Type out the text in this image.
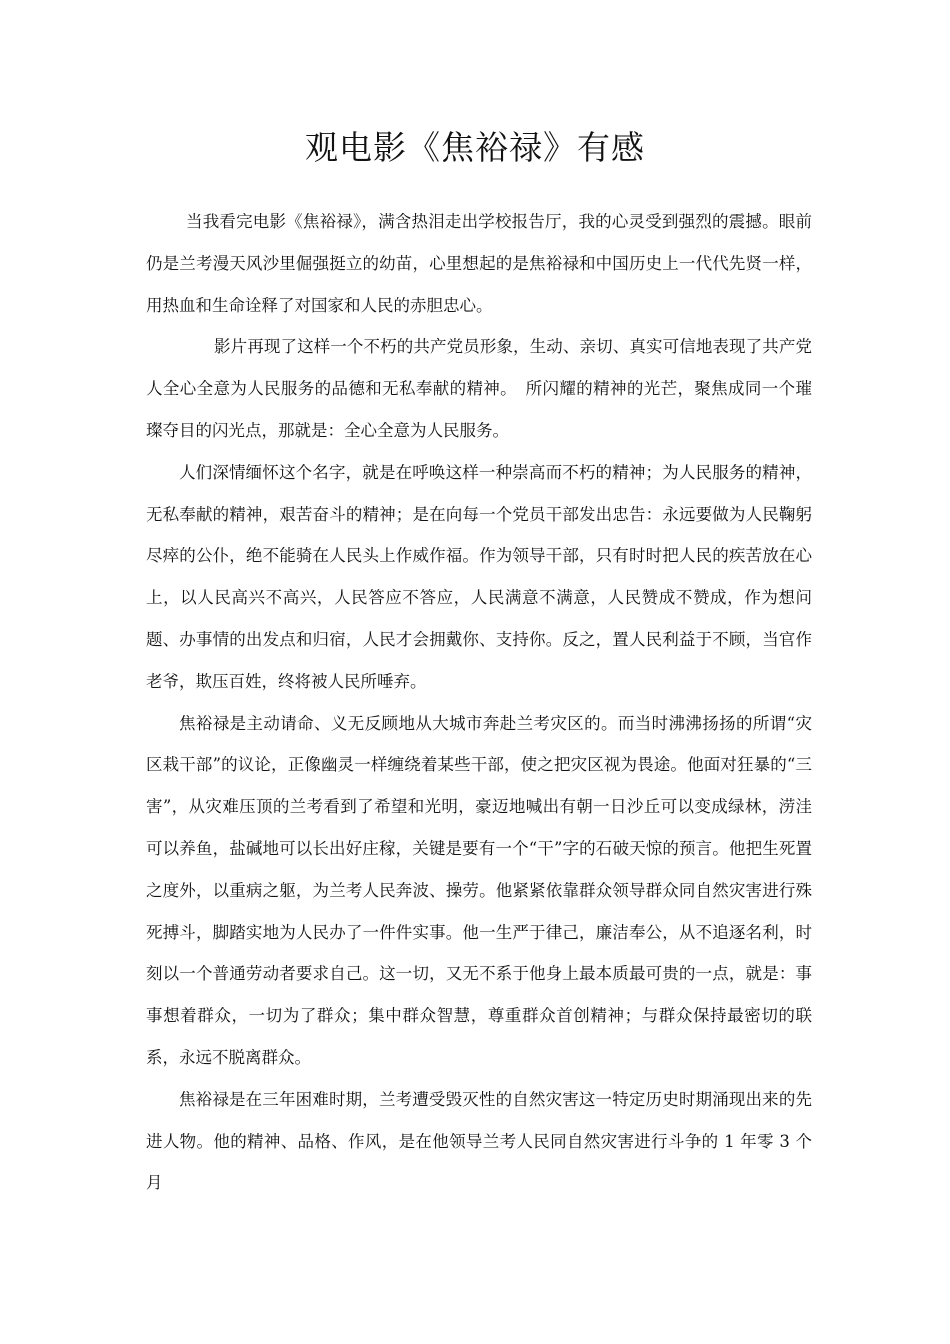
观电影《焦裕禄》有感

当我看完电影《焦裕禄》，满含热泪走出学校报告厅，我的心灵受到强烈的震撼。眼前仍是兰考漫天风沙里倔强挺立的幼苗，心里想起的是焦裕禄和中国历史上一代代先贤一样，用热血和生命诠释了对国家和人民的赤胆忠心。

影片再现了这样一个不朽的共产党员形象，生动、亲切、真实可信地表现了共产党人全心全意为人民服务的品德和无私奉献的精神。　所闪耀的精神的光芒，聚焦成同一个璀璨夺目的闪光点，那就是：全心全意为人民服务。

人们深情缅怀这个名字，就是在呼唤这样一种崇高而不朽的精神；为人民服务的精神，无私奉献的精神，艰苦奋斗的精神；是在向每一个党员干部发出忠告：永远要做为人民鞠躬尽瘁的公仆，绝不能骑在人民头上作威作福。作为领导干部，只有时时把人民的疾苦放在心上，以人民高兴不高兴，人民答应不答应，人民满意不满意，人民赞成不赞成，作为想问题、办事情的出发点和归宿，人民才会拥戴你、支持你。反之，置人民利益于不顾，当官作老爷，欺压百姓，终将被人民所唾弃。

焦裕禄是主动请命、义无反顾地从大城市奔赴兰考灾区的。而当时沸沸扬扬的所谓“灾区栽干部”的议论，正像幽灵一样缠绕着某些干部，使之把灾区视为畏途。他面对狂暴的“三害”，从灾难压顶的兰考看到了希望和光明，豪迈地喊出有朝一日沙丘可以变成绿林，涝洼可以养鱼，盐碱地可以长出好庄稼，关键是要有一个“干”字的石破天惊的预言。他把生死置之度外，以重病之躯，为兰考人民奔波、操劳。他紧紧依靠群众领导群众同自然灾害进行殊死搏斗，脚踏实地为人民办了一件件实事。他一生严于律己，廉洁奉公，从不追逐名利，时刻以一个普通劳动者要求自己。这一切，又无不系于他身上最本质最可贵的一点，就是：事事想着群众，一切为了群众；集中群众智慧，尊重群众首创精神；与群众保持最密切的联系，永远不脱离群众。

焦裕禄是在三年困难时期，兰考遭受毁灭性的自然灾害这一特定历史时期涌现出来的先进人物。他的精神、品格、作风，是在他领导兰考人民同自然灾害进行斗争的 1 年零 3 个月
